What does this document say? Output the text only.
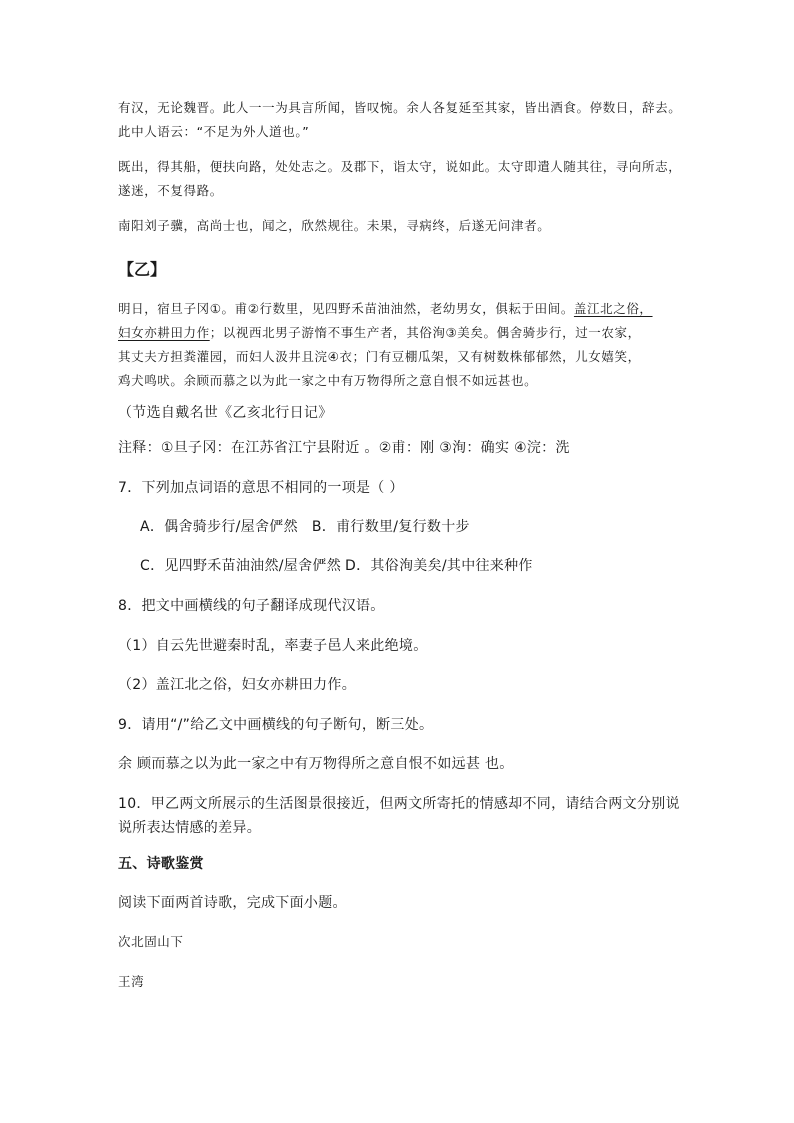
有汉，无论魏晋。此人一一为具言所闻，皆叹惋。余人各复延至其家，皆出酒食。停数日，辞去。此中人语云：“不足为外人道也。”
既出，得其船，便扶向路，处处志之。及郡下，诣太守，说如此。太守即遣人随其往，寻向所志，遂迷，不复得路。
南阳刘子骥，高尚士也，闻之，欣然规往。未果，寻病终，后遂无问津者。
【乙】
明日，宿旦子冈①。甫②行数里，见四野禾苗油油然，老幼男女，俱耘于田间。盖江北之俗，
妇女亦耕田力作；以视西北男子游惰不事生产者，其俗洵③美矣。偶舍骑步行，过一农家，
其丈夫方担粪灌园，而妇人汲井且浣④衣；门有豆棚瓜架，又有树数株郁郁然，儿女嬉笑，
鸡犬鸣吠。余顾而慕之以为此一家之中有万物得所之意自恨不如远甚也。
（节选自戴名世《乙亥北行日记》
注释：①旦子冈：在江苏省江宁县附近 。②甫：刚 ③洵：确实 ④浣：洗
7．下列加点词语的意思不相同的一项是（ ）
A．偶舍骑步行/屋舍俨然 B．甫行数里/复行数十步
C．见四野禾苗油油然/屋舍俨然 D．其俗洵美矣/其中往来种作
8．把文中画横线的句子翻译成现代汉语。
（1）自云先世避秦时乱，率妻子邑人来此绝境。
（2）盖江北之俗，妇女亦耕田力作。
9．请用“/”给乙文中画横线的句子断句，断三处。
余 顾而慕之以为此一家之中有万物得所之意自恨不如远甚 也。
10．甲乙两文所展示的生活图景很接近，但两文所寄托的情感却不同，请结合两文分别说说所表达情感的差异。
五、诗歌鉴赏
阅读下面两首诗歌，完成下面小题。
次北固山下
王湾
